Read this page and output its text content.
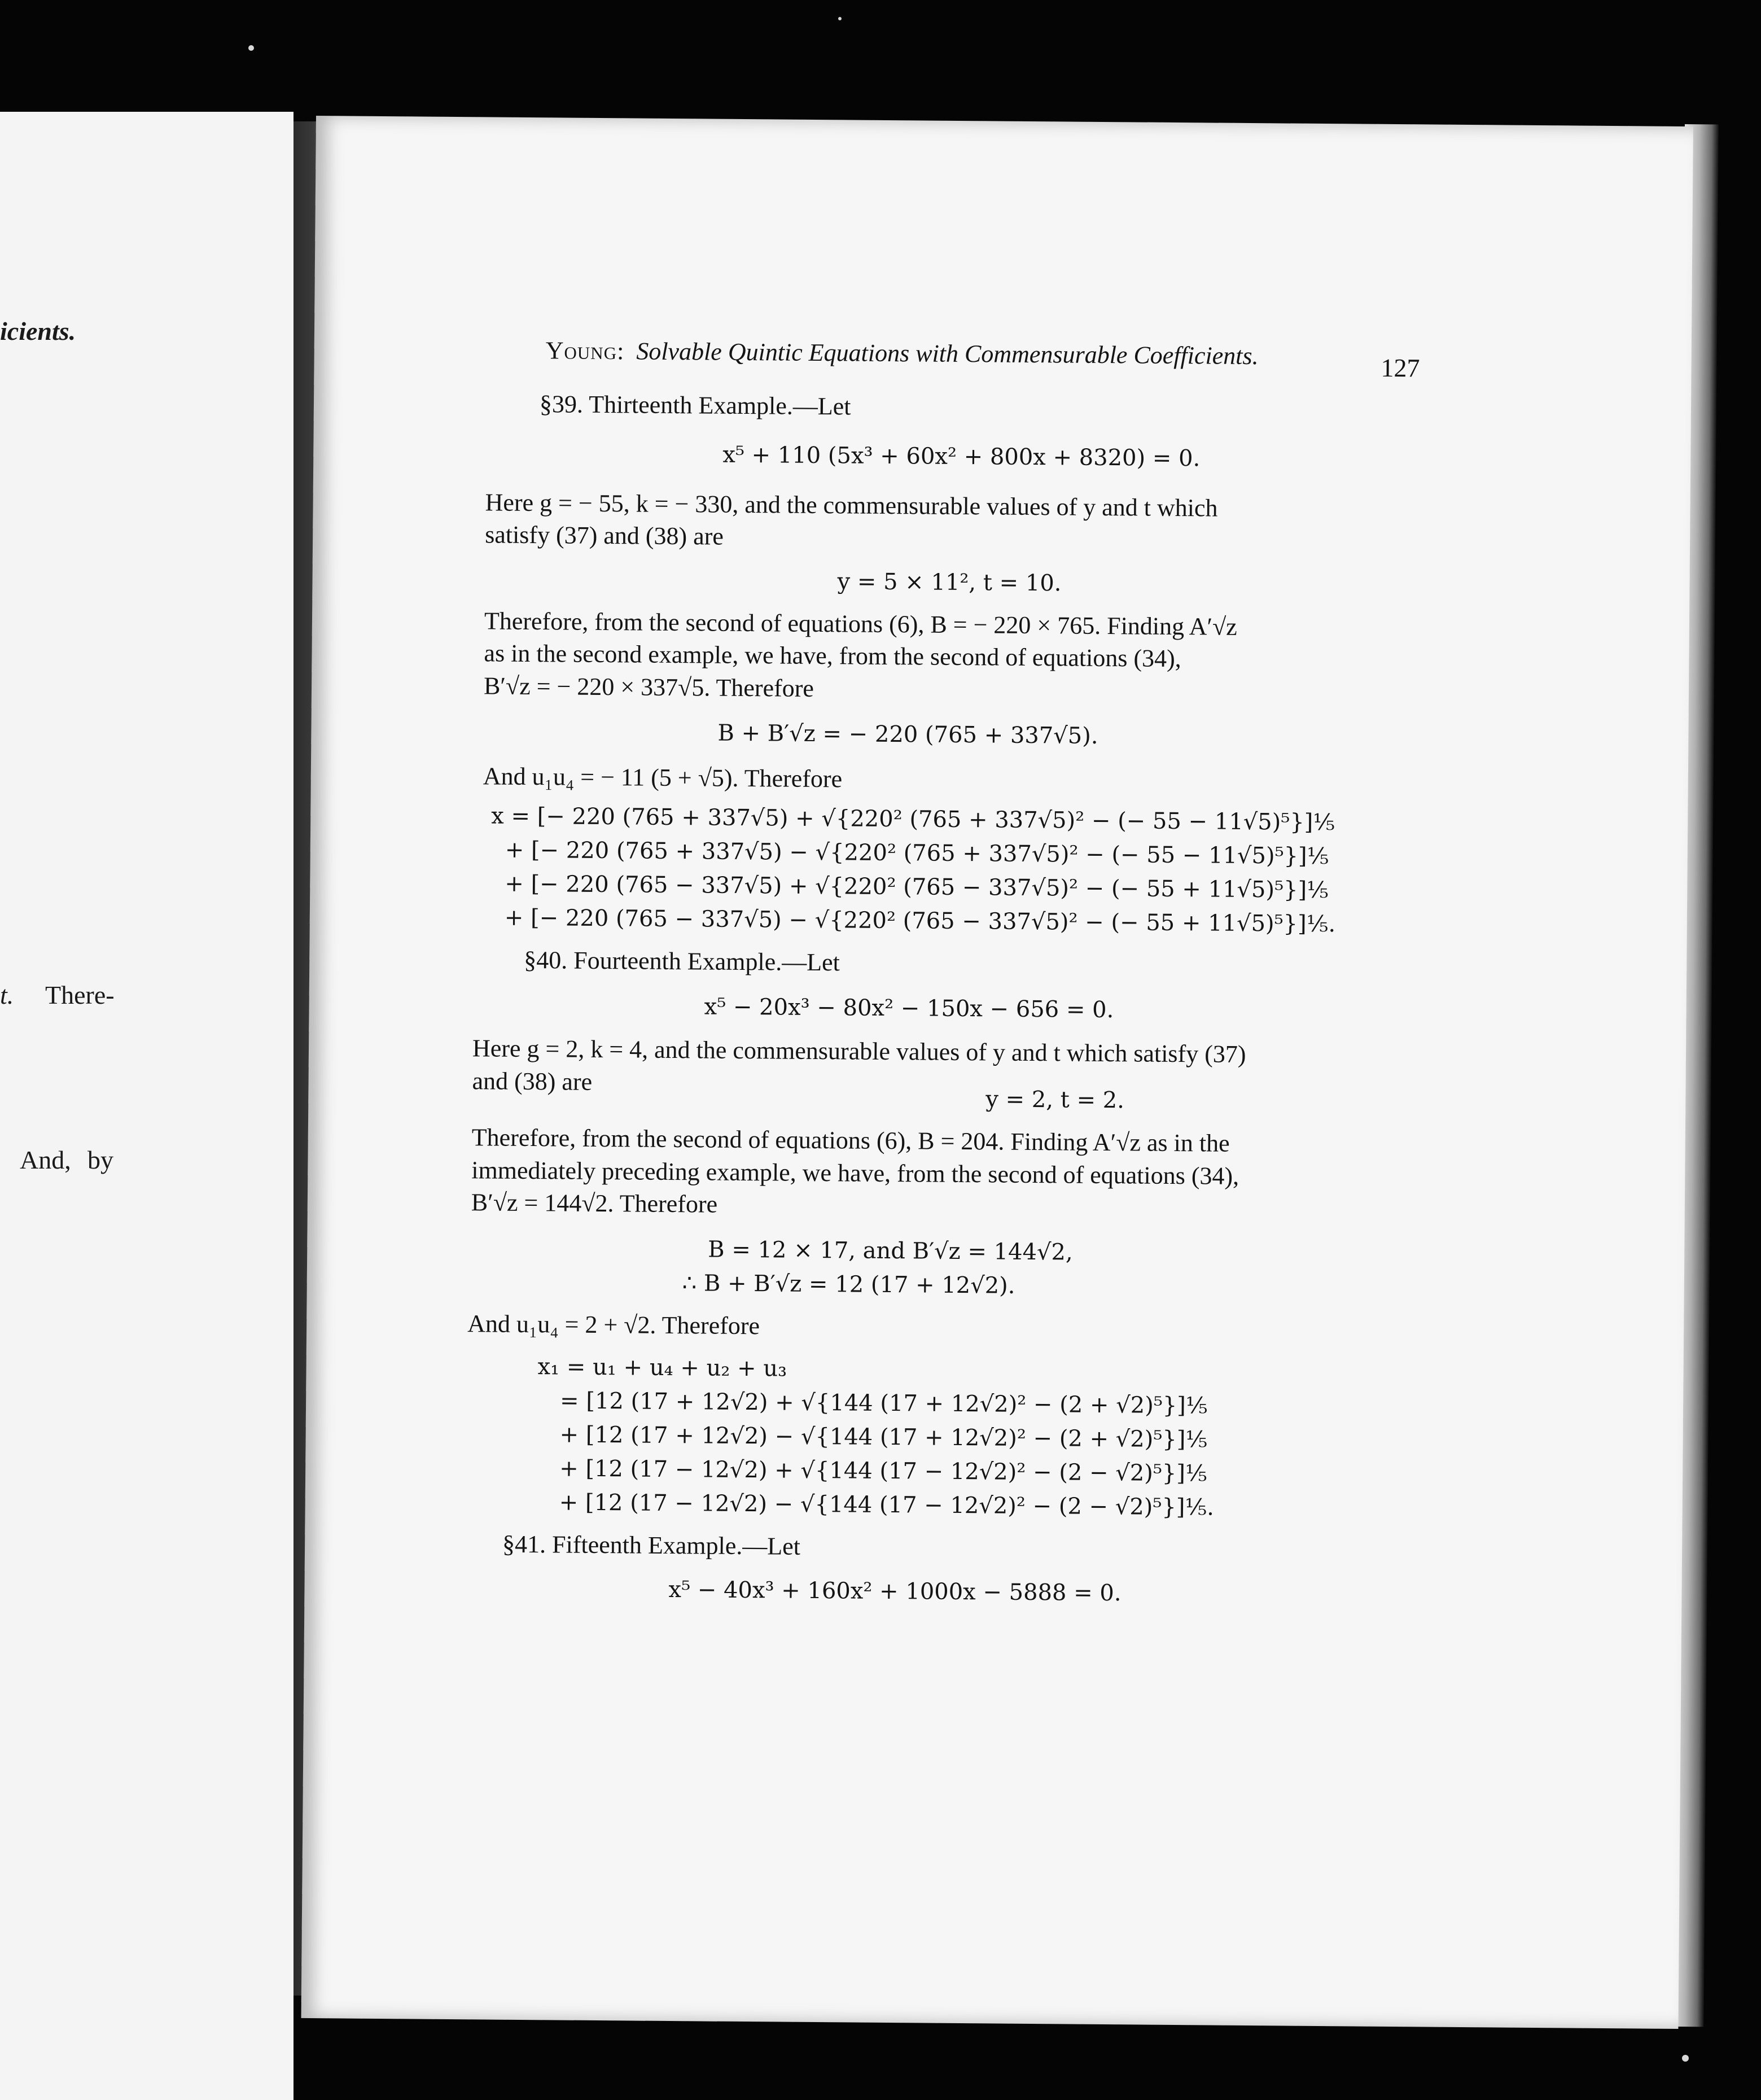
icients.
t. There-
And, by
Young: Solvable Quintic Equations with Commensurable Coefficients.	127
§39. Thirteenth Example.—Let
x⁵ + 110 (5x³ + 60x² + 800x + 8320) = 0.
Here g = − 55, k = − 330, and the commensurable values of y and t which
satisfy (37) and (38) are
y = 5 × 11², t = 10.
Therefore, from the second of equations (6), B = − 220 × 765. Finding A′√z
as in the second example, we have, from the second of equations (34),
B′√z = − 220 × 337√5. Therefore
B + B′√z = − 220 (765 + 337√5).
And u₁u₄ = − 11 (5 + √5). Therefore
x = [− 220 (765 + 337√5) + √{220² (765 + 337√5)² − (− 55 − 11√5)⁵}]⅕
+ [− 220 (765 + 337√5) − √{220² (765 + 337√5)² − (− 55 − 11√5)⁵}]⅕
+ [− 220 (765 − 337√5) + √{220² (765 − 337√5)² − (− 55 + 11√5)⁵}]⅕
+ [− 220 (765 − 337√5) − √{220² (765 − 337√5)² − (− 55 + 11√5)⁵}]⅕.
§40. Fourteenth Example.—Let
x⁵ − 20x³ − 80x² − 150x − 656 = 0.
Here g = 2, k = 4, and the commensurable values of y and t which satisfy (37)
and (38) are
y = 2, t = 2.
Therefore, from the second of equations (6), B = 204. Finding A′√z as in the
immediately preceding example, we have, from the second of equations (34),
B′√z = 144√2. Therefore
B = 12 × 17, and B′√z = 144√2,
∴ B + B′√z = 12 (17 + 12√2).
And u₁u₄ = 2 + √2. Therefore
x₁ = u₁ + u₄ + u₂ + u₃
= [12 (17 + 12√2) + √{144 (17 + 12√2)² − (2 + √2)⁵}]⅕
+ [12 (17 + 12√2) − √{144 (17 + 12√2)² − (2 + √2)⁵}]⅕
+ [12 (17 − 12√2) + √{144 (17 − 12√2)² − (2 − √2)⁵}]⅕
+ [12 (17 − 12√2) − √{144 (17 − 12√2)² − (2 − √2)⁵}]⅕.
§41. Fifteenth Example.—Let
x⁵ − 40x³ + 160x² + 1000x − 5888 = 0.
